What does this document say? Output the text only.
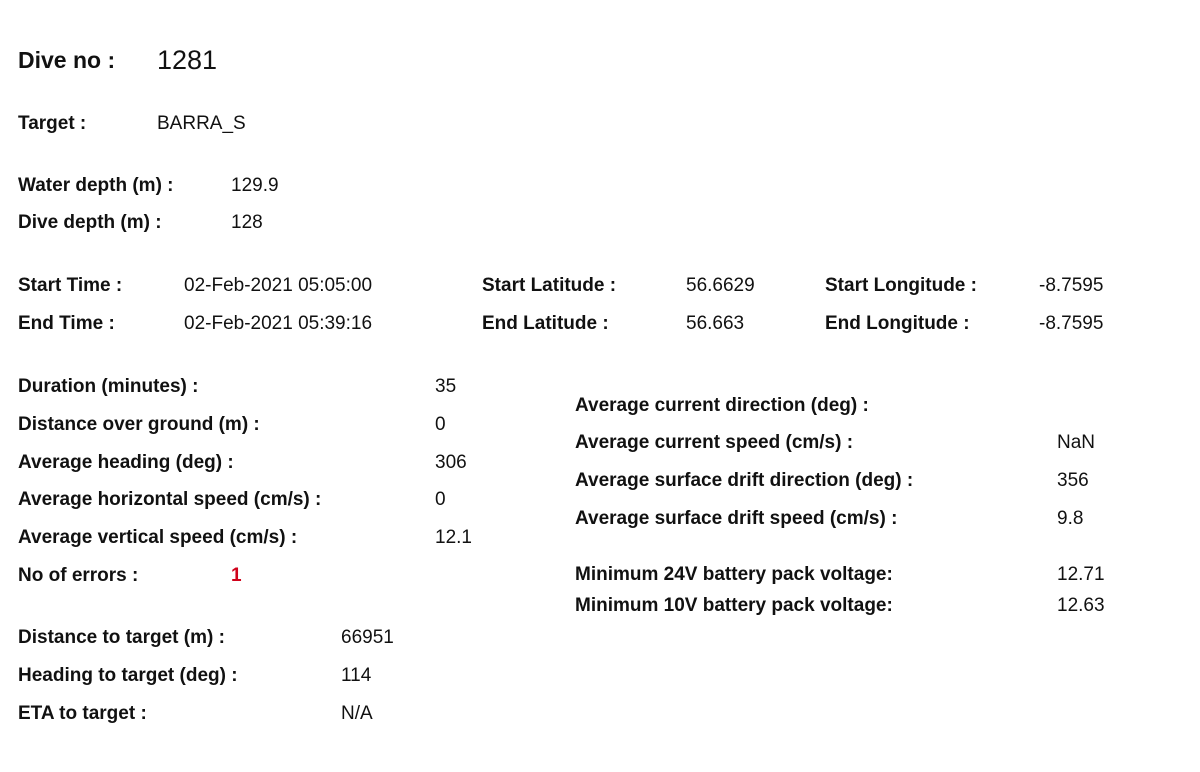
Dive no : 1281
Target :	BARRA_S
Water depth (m) :	129.9
Dive depth (m) :	128
Start Time :	02-Feb-2021 05:05:00
End Time :	02-Feb-2021 05:39:16
Start Latitude :	56.6629
End Latitude :	56.663
Start Longitude :	-8.7595
End Longitude :	-8.7595
Duration (minutes) :	35
Distance over ground (m) :	0
Average heading (deg) :	306
Average horizontal speed (cm/s) :	0
Average vertical speed (cm/s) :	12.1
No of errors :	1
Average current direction (deg) :
Average current speed (cm/s) :	NaN
Average surface drift direction (deg) :	356
Average surface drift speed (cm/s) :	9.8
Minimum 24V battery pack voltage:	12.71
Minimum 10V battery pack voltage:	12.63
Distance to target (m) :	66951
Heading to target (deg) :	114
ETA to target :	N/A
